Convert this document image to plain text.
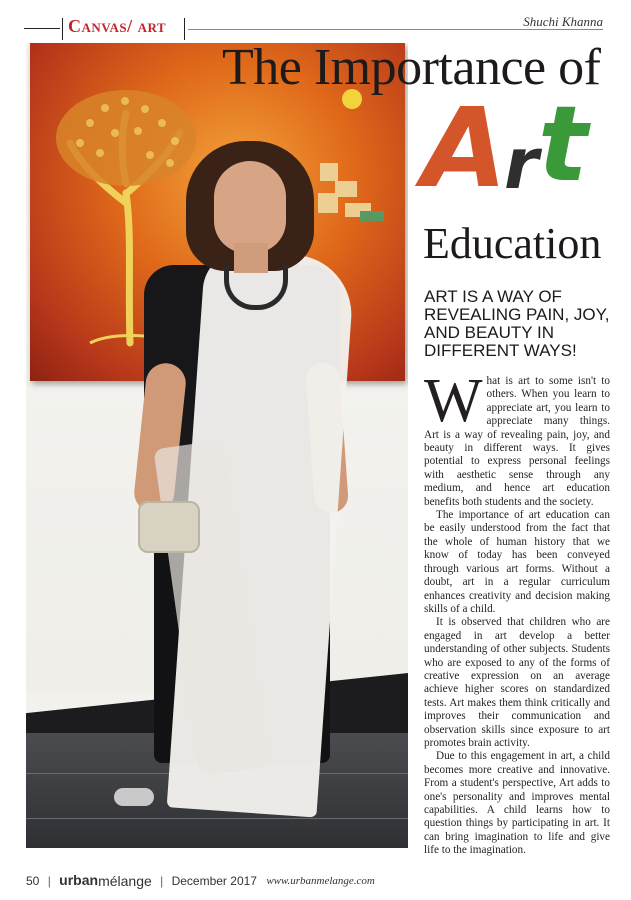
Canvas/ art	Shuchi Khanna
The Importance of
A
r t
Education
ART IS A WAY OF REVEALING PAIN, JOY, AND BEAUTY IN DIFFERENT WAYS!

What is art to some isn't to others. When you learn to appreciate art, you learn to appreciate many things. Art is a way of revealing pain, joy, and beauty in different ways. It gives potential to express personal feelings with aesthetic sense through any medium, and hence art education benefits both students and the society.

The importance of art education can be easily understood from the fact that the whole of human history that we know of today has been conveyed through various art forms. Without a doubt, art in a regular curriculum enhances creativity and decision making skills of a child.

It is observed that children who are engaged in art develop a better understanding of other subjects. Students who are exposed to any of the forms of creative expression on an average achieve higher scores on standardized tests. Art makes them think critically and improves their communication and observation skills since exposure to art promotes brain activity.

Due to this engagement in art, a child becomes more creative and innovative. From a student's perspective, Art adds to one's personality and improves mental capabilities. A child learns how to question things by participating in art. It can bring imagination to life and give life to the imagination.

50 | urbanmélange | December 2017 www.urbanmelange.com
